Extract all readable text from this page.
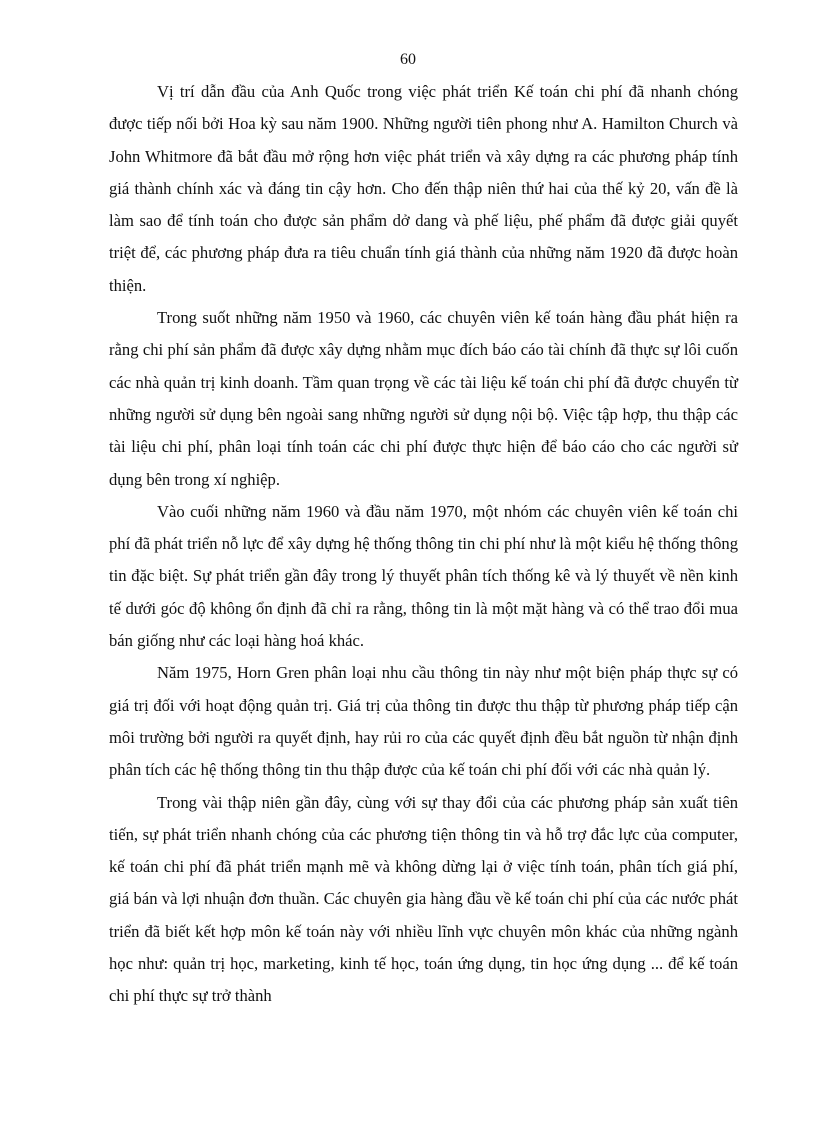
60

Vị trí dẫn đầu của Anh Quốc trong việc phát triển Kế toán chi phí đã nhanh chóng được tiếp nối bởi Hoa kỳ sau năm 1900. Những người tiên phong như A. Hamilton Church và John Whitmore đã bắt đầu mở rộng hơn việc phát triển và xây dựng ra các phương pháp tính giá thành chính xác và đáng tin cậy hơn. Cho đến thập niên thứ hai của thế kỷ 20, vấn đề là làm sao để tính toán cho được sản phẩm dở dang và phế liệu, phế phẩm đã được giải quyết triệt để, các phương pháp đưa ra tiêu chuẩn tính giá thành của những năm 1920 đã được hoàn thiện.

Trong suốt những năm 1950 và 1960, các chuyên viên kế toán hàng đầu phát hiện ra rằng chi phí sản phẩm đã được xây dựng nhằm mục đích báo cáo tài chính đã thực sự lôi cuốn các nhà quản trị kinh doanh. Tầm quan trọng về các tài liệu kế toán chi phí đã được chuyển từ những người sử dụng bên ngoài sang những người sử dụng nội bộ. Việc tập hợp, thu thập các tài liệu chi phí, phân loại tính toán các chi phí được thực hiện để báo cáo cho các người sử dụng bên trong xí nghiệp.

Vào cuối những năm 1960 và đầu năm 1970, một nhóm các chuyên viên kế toán chi phí đã phát triển nỗ lực để xây dựng hệ thống thông tin chi phí như là một kiểu hệ thống thông tin đặc biệt. Sự phát triển gần đây trong lý thuyết phân tích thống kê và lý thuyết về nền kinh tế dưới góc độ không ổn định đã chỉ ra rằng, thông tin là một mặt hàng và có thể trao đổi mua bán giống như các loại hàng hoá khác.

Năm 1975, Horn Gren phân loại nhu cầu thông tin này như một biện pháp thực sự có giá trị đối với hoạt động quản trị. Giá trị của thông tin được thu thập từ phương pháp tiếp cận môi trường bởi người ra quyết định, hay rủi ro của các quyết định đều bắt nguồn từ nhận định phân tích các hệ thống thông tin thu thập được của kế toán chi phí đối với các nhà quản lý.

Trong vài thập niên gần đây, cùng với sự thay đổi của các phương pháp sản xuất tiên tiến, sự phát triển nhanh chóng của các phương tiện thông tin và hỗ trợ đắc lực của computer, kế toán chi phí đã phát triển mạnh mẽ và không dừng lại ở việc tính toán, phân tích giá phí, giá bán và lợi nhuận đơn thuần. Các chuyên gia hàng đầu về kế toán chi phí của các nước phát triển đã biết kết hợp môn kế toán này với nhiều lĩnh vực chuyên môn khác của những ngành học như: quản trị học, marketing, kinh tế học, toán ứng dụng, tin học ứng dụng ... để kế toán chi phí thực sự trở thành
